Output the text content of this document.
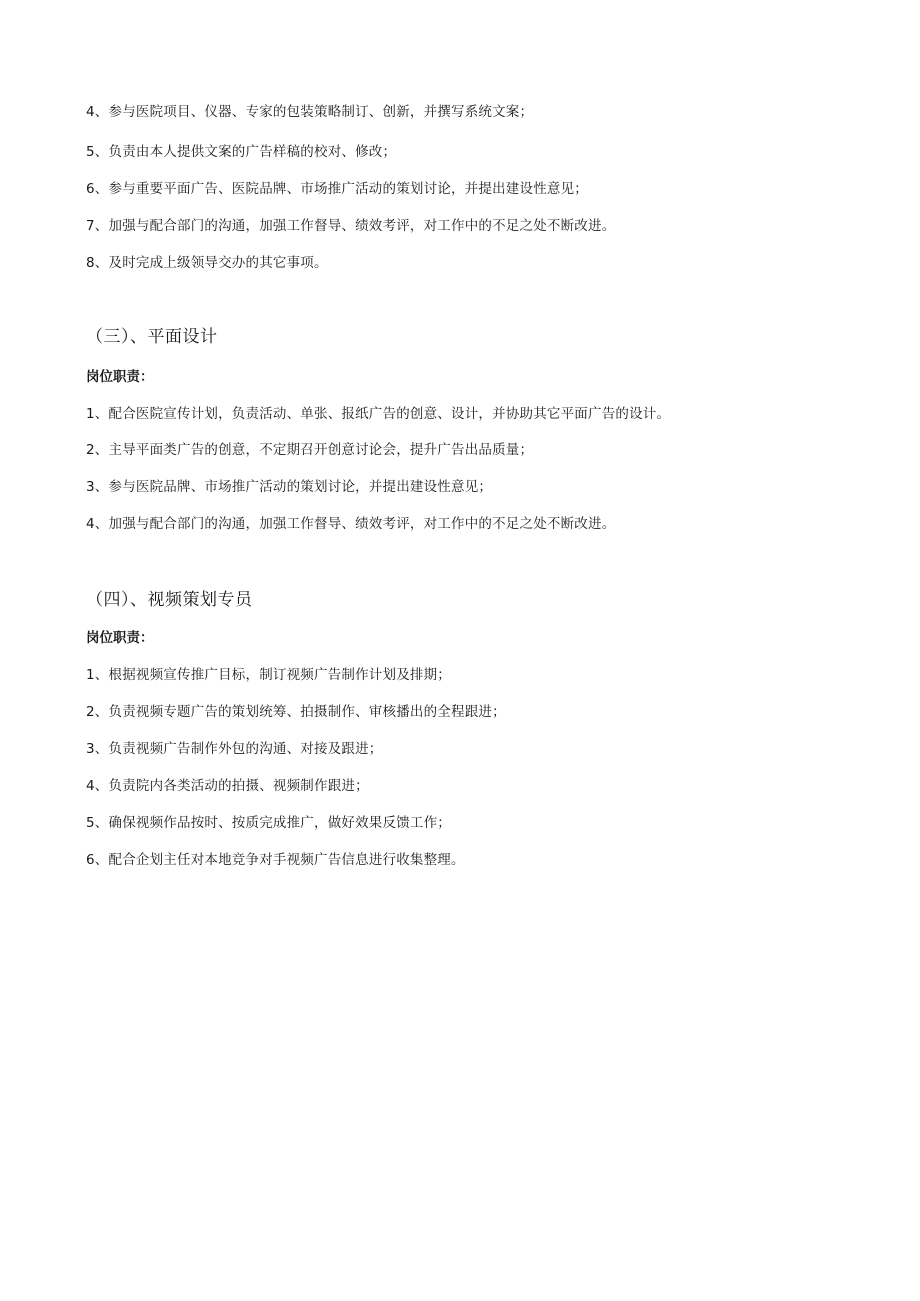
4、参与医院项目、仪器、专家的包装策略制订、创新，并撰写系统文案；
5、负责由本人提供文案的广告样稿的校对、修改；
6、参与重要平面广告、医院品牌、市场推广活动的策划讨论，并提出建设性意见；
7、加强与配合部门的沟通，加强工作督导、绩效考评，对工作中的不足之处不断改进。
8、及时完成上级领导交办的其它事项。
（三）、平面设计
岗位职责：
1、配合医院宣传计划，负责活动、单张、报纸广告的创意、设计，并协助其它平面广告的设计。
2、主导平面类广告的创意，不定期召开创意讨论会，提升广告出品质量；
3、参与医院品牌、市场推广活动的策划讨论，并提出建设性意见；
4、加强与配合部门的沟通，加强工作督导、绩效考评，对工作中的不足之处不断改进。
（四）、视频策划专员
岗位职责：
1、根据视频宣传推广目标，制订视频广告制作计划及排期；
2、负责视频专题广告的策划统筹、拍摄制作、审核播出的全程跟进；
3、负责视频广告制作外包的沟通、对接及跟进；
4、负责院内各类活动的拍摄、视频制作跟进；
5、确保视频作品按时、按质完成推广，做好效果反馈工作；
6、配合企划主任对本地竞争对手视频广告信息进行收集整理。
